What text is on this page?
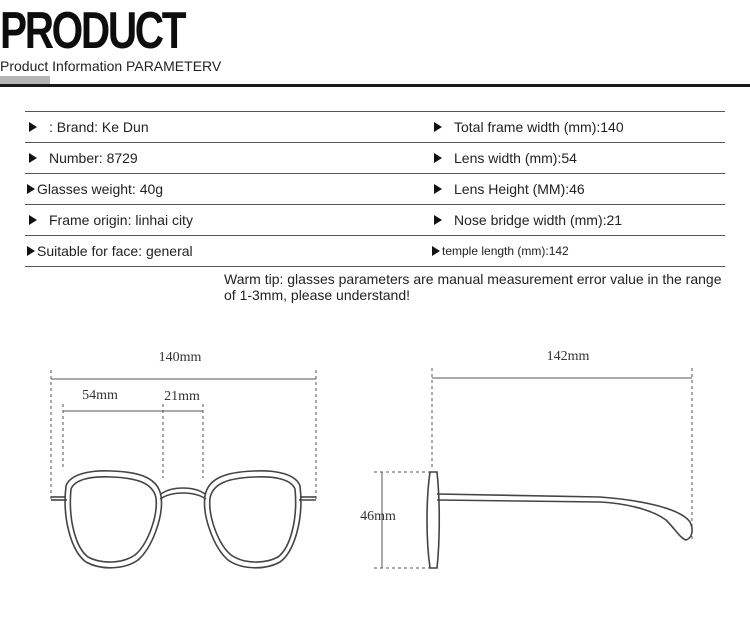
PRODUCT
Product Information PARAMETERV
: Brand: Ke Dun	Total frame width (mm):140
Number: 8729	Lens width (mm):54
Glasses weight: 40g	Lens Height (MM):46
Frame origin: linhai city	Nose bridge width (mm):21
Suitable for face: general	temple length (mm):142
Warm tip: glasses parameters are manual measurement error value in the range of 1-3mm, please understand!
140mm
54mm	21mm
142mm
46mm
